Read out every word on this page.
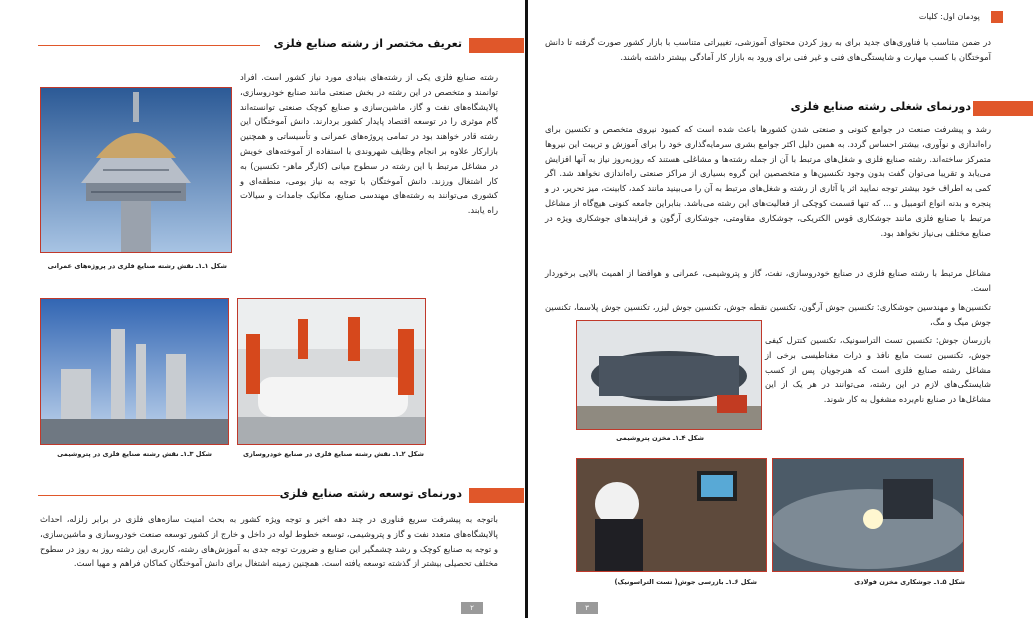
تعریف مختصر از رشته صنایع فلزی
رشته صنایع فلزی یکی از رشته‌های بنیادی مورد نیاز کشور است. افراد توانمند و متخصص در این رشته در بخش صنعتی مانند صنایع خودروسازی، پالایشگاه‌های نفت و گاز، ماشین‌سازی و صنایع کوچک صنعتی توانسته‌اند گام موثری را در توسعه اقتصاد پایدار کشور بردارند. دانش آموختگان این رشته قادر خواهند بود در تمامی پروژه‌های عمرانی و تأسیساتی و همچنین بازارکار علاوه بر انجام وظایف شهروندی با استفاده از آموخته‌های خویش در مشاغل مرتبط با این رشته در سطوح میانی (کارگر ماهر- تکنسین) به کار اشتغال ورزند. دانش آموختگان با توجه به نیاز بومی، منطقه‌ای و کشوری می‌توانند به رشته‌های مهندسی صنایع، مکانیک جامدات و سیالات راه یابند.
شکل ۱ـ۱ـ نقش رشته صنایع فلزی در پروژه‌های عمرانی
شکل ۲ـ۱ـ نقش رشته صنایع فلزی در صنایع خودروسازی
شکل ۳ـ۱ـ نقش رشته صنایع فلزی در پتروشیمی
دورنمای توسعه رشته صنایع فلزی
باتوجه به پیشرفت سریع فناوری در چند دهه اخیر و توجه ویژه کشور به بحث امنیت سازه‌های فلزی در برابر زلزله، احداث پالایشگاه‌های متعدد نفت و گاز و پتروشیمی، توسعه خطوط لوله در داخل و خارج از کشور توسعه صنعت خودروسازی و ماشین‌سازی، و توجه به صنایع کوچک و رشد چشمگیر این صنایع و ضرورت توجه جدی به آموزش‌های رشته، کاربری این رشته روز به روز در سطوح مختلف تحصیلی بیشتر از گذشته توسعه یافته است. همچنین زمینه اشتغال برای دانش آموختگان کماکان فراهم و مهیا است.
۲
پودمان اول: کلیات
در ضمن متناسب با فناوری‌های جدید برای به روز کردن محتوای آموزشی، تغییراتی متناسب با بازار کشور صورت گرفته تا دانش آموختگان با کسب مهارت و شایستگی‌های فنی و غیر فنی برای ورود به بازار کار آمادگی بیشتر داشته باشند.
دورنمای شغلی رشته صنایع فلزی
رشد و پیشرفت صنعت در جوامع کنونی و صنعتی شدن کشورها باعث شده است که کمبود نیروی متخصص و تکنسین برای راه‌اندازی و نوآوری، بیشتر احساس گردد. به همین دلیل اکثر جوامع بشری سرمایه‌گذاری خود را برای آموزش و تربیت این نیروها متمرکز ساخته‌اند. رشته صنایع فلزی و شغل‌های مرتبط با آن از جمله رشته‌ها و مشاغلی هستند که روزبه‌روز نیاز به آنها افزایش می‌یابد و تقریبا می‌توان گفت بدون وجود تکنسین‌ها و متخصصین این گروه بسیاری از مراکز صنعتی راه‌اندازی نخواهد شد. اگر کمی به اطراف خود بیشتر توجه نمایید اثر یا آثاری از رشته و شغل‌های مرتبط به آن را می‌بینید مانند کمد، کابینت، میز تحریر، در و پنجره و بدنه انواع اتومبیل و ... که تنها قسمت کوچکی از فعالیت‌های این رشته می‌باشد. بنابراین جامعه کنونی هیچ‌گاه از مشاغل مرتبط با صنایع فلزی مانند جوشکاری قوس الکتریکی، جوشکاری مقاومتی، جوشکاری آرگون و فرایندهای جوشکاری ویژه در صنایع مختلف بی‌نیاز نخواهد بود.
مشاغل مرتبط با رشته صنایع فلزی در صنایع خودروسازی، نفت، گاز و پتروشیمی، عمرانی و هوافضا از اهمیت بالایی برخوردار است.
تکنسین‌ها و مهندسین جوشکاری: تکنسین جوش آرگون، تکنسین نقطه جوش، تکنسین جوش لیزر، تکنسین جوش پلاسما، تکنسین جوش میگ و مگ،
بازرسان جوش: تکنسین تست التراسونیک، تکنسین کنترل کیفی جوش، تکنسین تست مایع نافذ و ذرات مغناطیسی برخی از مشاغل رشته صنایع فلزی است که هنرجویان پس از کسب شایستگی‌های لازم در این رشته، می‌توانند در هر یک از این مشاغل‌ها در صنایع نام‌برده مشغول به کار شوند.
شکل ۴ـ۱ـ مخزن پتروشیمی
شکل ۵ـ۱ـ جوشکاری مخزن فولادی
شکل ۶ـ۱ـ بازرسی جوش( تست التراسونیک)
۳
